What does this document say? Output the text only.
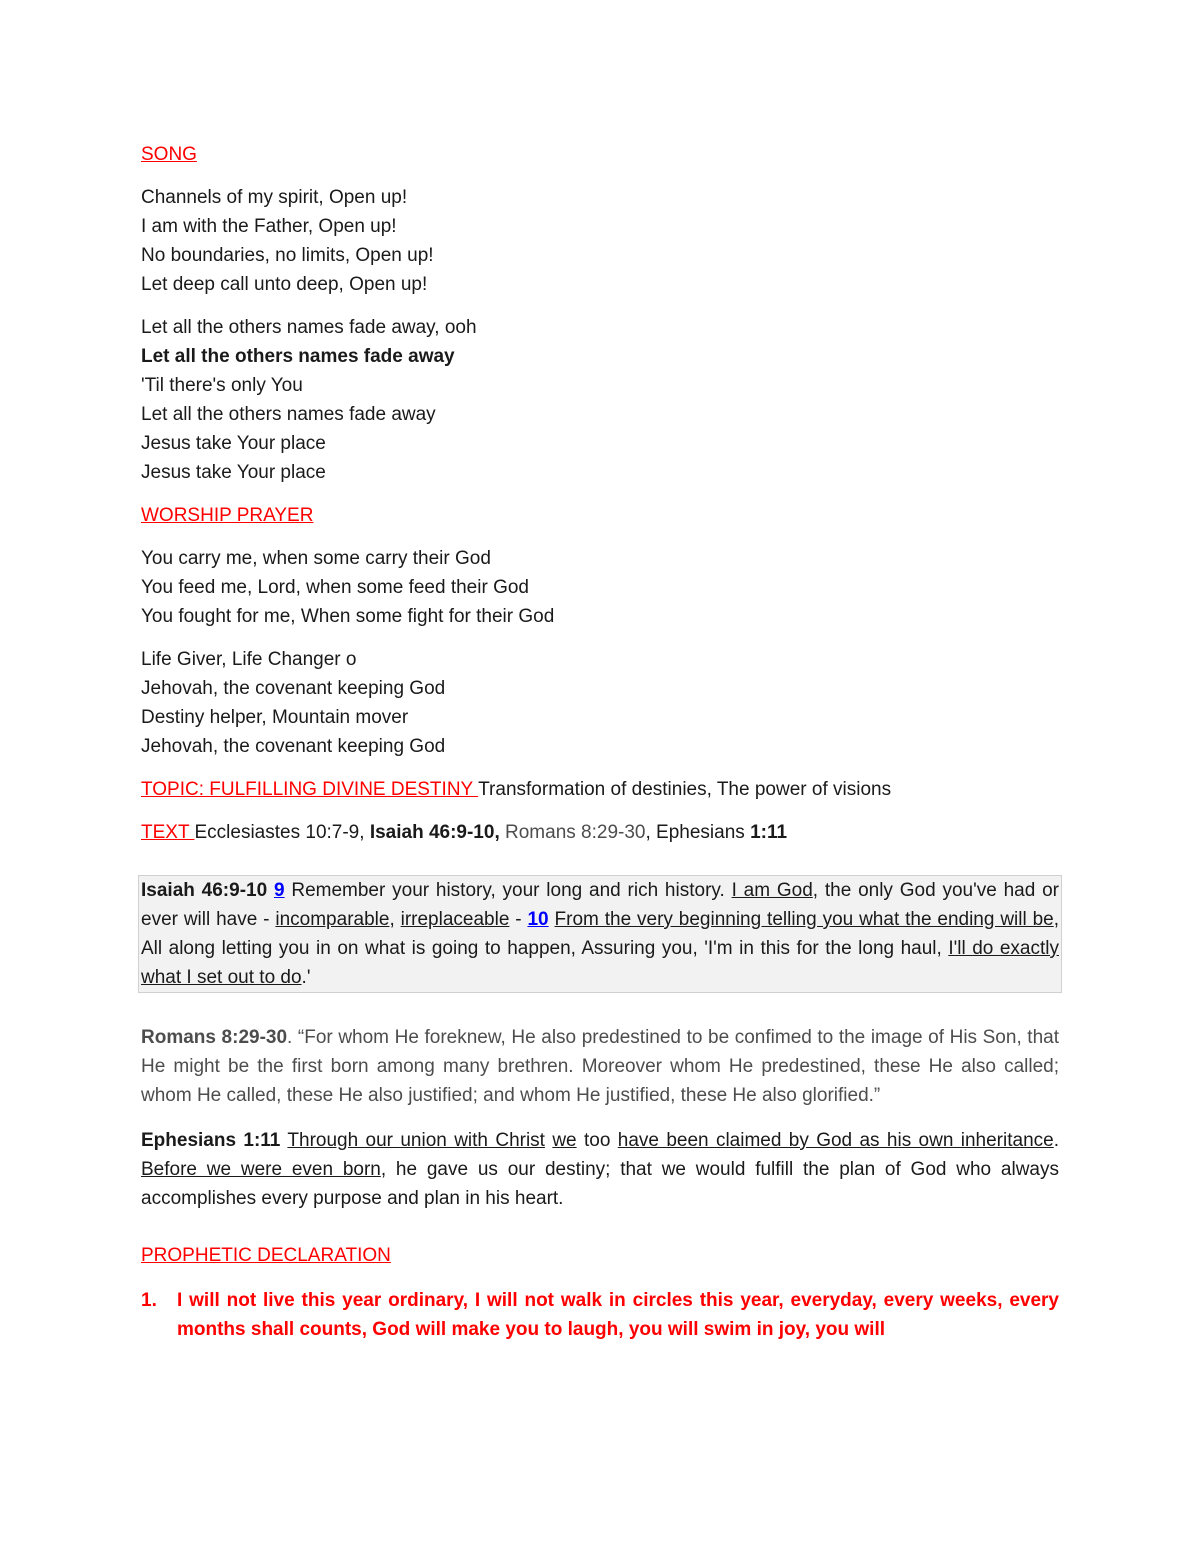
SONG

Channels of my spirit, Open up!

I am with the Father, Open up!

No boundaries, no limits, Open up!

Let deep call unto deep, Open up!

Let all the others names fade away, ooh

Let all the others names fade away

'Til there's only You

Let all the others names fade away

Jesus take Your place

Jesus take Your place

WORSHIP PRAYER

You carry me, when some carry their God

You feed me, Lord, when some feed their God

You fought for me, When some fight for their God

Life Giver, Life Changer o

Jehovah, the covenant keeping God

Destiny helper, Mountain mover

Jehovah, the covenant keeping God

TOPIC: FULFILLING DIVINE DESTINY Transformation of destinies, The power of visions

TEXT Ecclesiastes 10:7-9, Isaiah 46:9-10, Romans 8:29-30, Ephesians 1:11

Isaiah 46:9-10 9 Remember your history, your long and rich history. I am God, the only God you've had or ever will have - incomparable, irreplaceable - 10 From the very beginning telling you what the ending will be, All along letting you in on what is going to happen, Assuring you, 'I'm in this for the long haul, I'll do exactly what I set out to do.'

Romans 8:29-30. “For whom He foreknew, He also predestined to be confimed to the image of His Son, that He might be the first born among many brethren. Moreover whom He predestined, these He also called; whom He called, these He also justified; and whom He justified, these He also glorified.”

Ephesians 1:11 Through our union with Christ we too have been claimed by God as his own inheritance. Before we were even born, he gave us our destiny; that we would fulfill the plan of God who always accomplishes every purpose and plan in his heart.

PROPHETIC DECLARATION

1.	I will not live this year ordinary, I will not walk in circles this year, everyday, every weeks, every months shall counts, God will make you to laugh, you will swim in joy, you will
